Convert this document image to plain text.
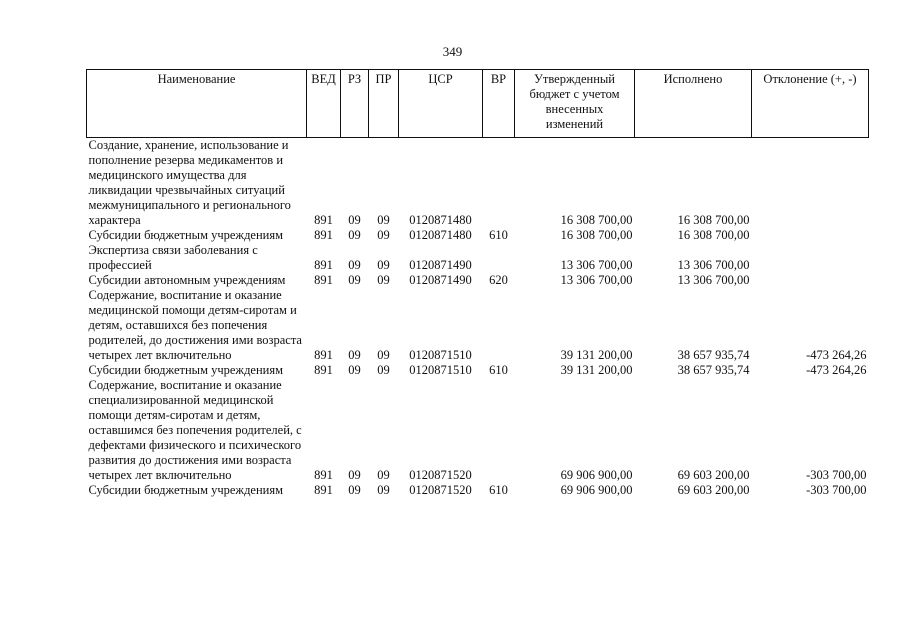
349
Наименование	ВЕД	РЗ	ПР	ЦСР	ВР	Утвержденный бюджет с учетом внесенных изменений	Исполнено	Отклонение (+, -)
Создание, хранение, использование и пополнение резерва медикаментов и медицинского имущества для ликвидации чрезвычайных ситуаций межмуниципального и регионального характера	891	09	09	0120871480		16 308 700,00	16 308 700,00	
Субсидии бюджетным учреждениям	891	09	09	0120871480	610	16 308 700,00	16 308 700,00	
Экспертиза связи заболевания с профессией	891	09	09	0120871490		13 306 700,00	13 306 700,00	
Субсидии автономным учреждениям	891	09	09	0120871490	620	13 306 700,00	13 306 700,00	
Содержание, воспитание и оказание медицинской помощи детям-сиротам и детям, оставшихся без попечения родителей, до достижения ими возраста четырех лет включительно	891	09	09	0120871510		39 131 200,00	38 657 935,74	-473 264,26
Субсидии бюджетным учреждениям	891	09	09	0120871510	610	39 131 200,00	38 657 935,74	-473 264,26
Содержание, воспитание и оказание специализированной медицинской помощи детям-сиротам и детям, оставшимся без попечения родителей, с дефектами физического и психического развития до достижения ими возраста четырех лет включительно	891	09	09	0120871520		69 906 900,00	69 603 200,00	-303 700,00
Субсидии бюджетным учреждениям	891	09	09	0120871520	610	69 906 900,00	69 603 200,00	-303 700,00
